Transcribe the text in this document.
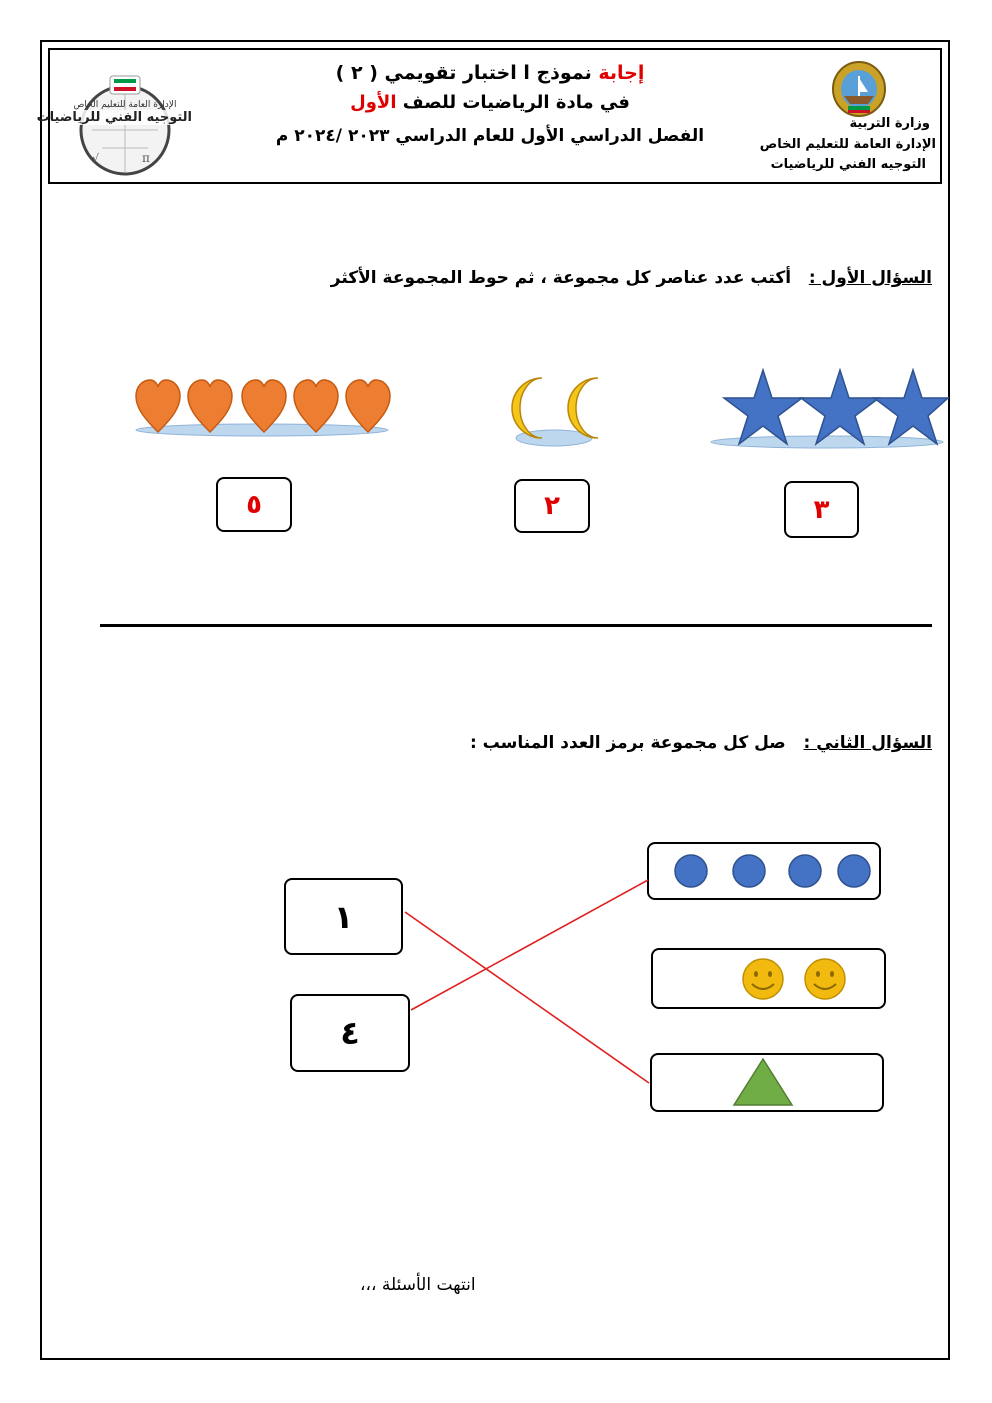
π
√
الإدارة العامة للتعليم الخاص
التوجيه الفني للرياضيات
إجابة نموذج ا اختبار تقويمي ( ٢ )
في مادة الرياضيات للصف الأول
الفصل الدراسي الأول للعام الدراسي ٢٠٢٣ /٢٠٢٤ م
وزارة التربية
الإدارة العامة للتعليم الخاص
التوجيه الفني للرياضيات
السؤال الأول :   أكتب عدد عناصر كل مجموعة ، ثم حوط المجموعة الأكثر
٥	٢	٣
السؤال الثاني :   صل كل مجموعة برمز العدد المناسب :
١
٤
انتهت الأسئلة ،،،
